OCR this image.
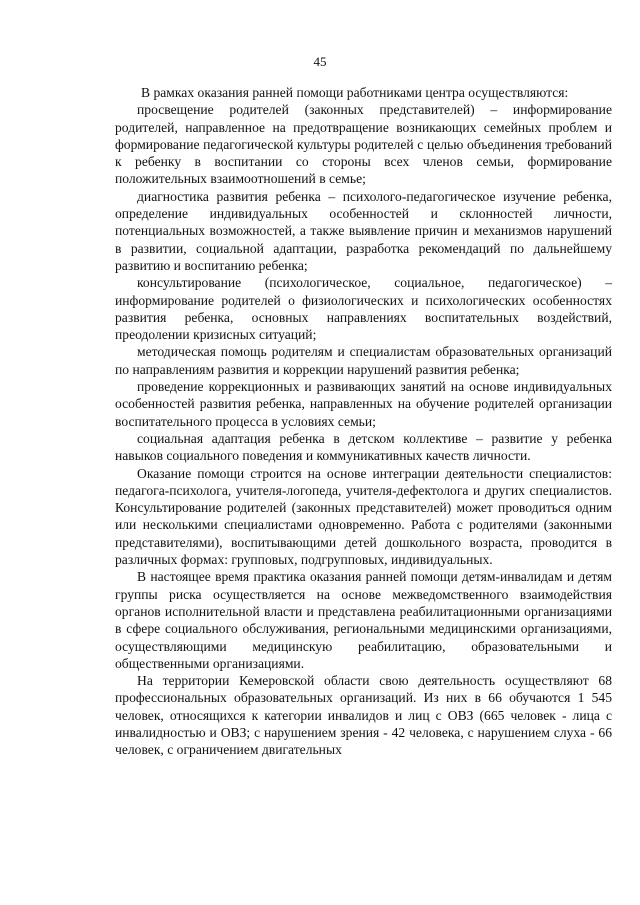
45

В рамках оказания ранней помощи работниками центра осуществляются:

просвещение родителей (законных представителей) – информирование родителей, направленное на предотвращение возникающих семейных проблем и формирование педагогической культуры родителей с целью объединения требований к ребенку в воспитании со стороны всех членов семьи, формирование положительных взаимоотношений в семье;

диагностика развития ребенка – психолого-педагогическое изучение ребенка, определение индивидуальных особенностей и склонностей личности, потенциальных возможностей, а также выявление причин и механизмов нарушений в развитии, социальной адаптации, разработка рекомендаций по дальнейшему развитию и воспитанию ребенка;

консультирование (психологическое, социальное, педагогическое) – информирование родителей о физиологических и психологических особенностях развития ребенка, основных направлениях воспитательных воздействий, преодолении кризисных ситуаций;

методическая помощь родителям и специалистам образовательных организаций по направлениям развития и коррекции нарушений развития ребенка;

проведение коррекционных и развивающих занятий на основе индивидуальных особенностей развития ребенка, направленных на обучение родителей организации воспитательного процесса в условиях семьи;

социальная адаптация ребенка в детском коллективе – развитие у ребенка навыков социального поведения и коммуникативных качеств личности.

Оказание помощи строится на основе интеграции деятельности специалистов: педагога-психолога, учителя-логопеда, учителя-дефектолога и других специалистов. Консультирование родителей (законных представителей) может проводиться одним или несколькими специалистами одновременно. Работа с родителями (законными представителями), воспитывающими детей дошкольного возраста, проводится в различных формах: групповых, подгрупповых, индивидуальных.

В настоящее время практика оказания ранней помощи детям-инвалидам и детям группы риска осуществляется на основе межведомственного взаимодействия органов исполнительной власти и представлена реабилитационными организациями в сфере социального обслуживания, региональными медицинскими организациями, осуществляющими медицинскую реабилитацию, образовательными и общественными организациями.

На территории Кемеровской области свою деятельность осуществляют 68 профессиональных образовательных организаций. Из них в 66 обучаются 1 545 человек, относящихся к категории инвалидов и лиц с ОВЗ (665 человек - лица с инвалидностью и ОВЗ; с нарушением зрения - 42 человека, с нарушением слуха - 66 человек, с ограничением двигательных
